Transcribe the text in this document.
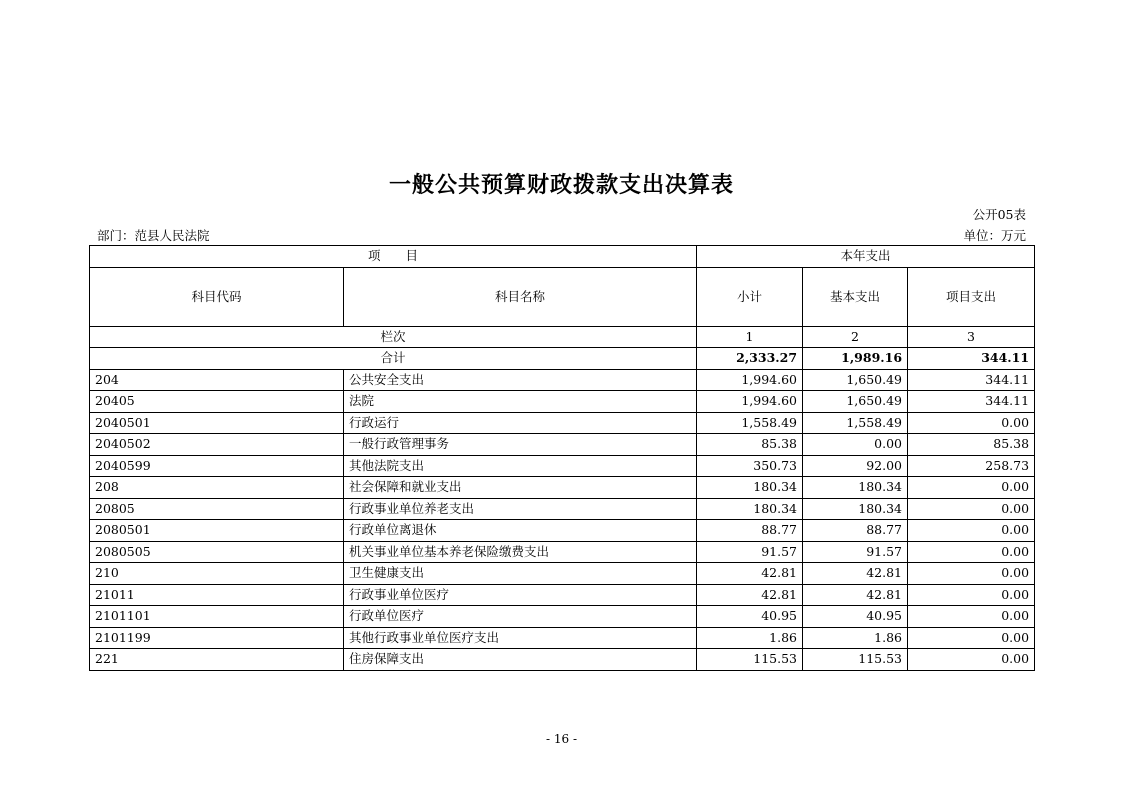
一般公共预算财政拨款支出决算表
公开05表
部门：范县人民法院	单位：万元
项　　目		本年支出		
科目代码	科目名称	小计	基本支出	项目支出
栏次		1	2	3
合计		2,333.27	1,989.16	344.11
204	公共安全支出	1,994.60	1,650.49	344.11
20405	法院	1,994.60	1,650.49	344.11
2040501	行政运行	1,558.49	1,558.49	0.00
2040502	一般行政管理事务	85.38	0.00	85.38
2040599	其他法院支出	350.73	92.00	258.73
208	社会保障和就业支出	180.34	180.34	0.00
20805	行政事业单位养老支出	180.34	180.34	0.00
2080501	行政单位离退休	88.77	88.77	0.00
2080505	机关事业单位基本养老保险缴费支出	91.57	91.57	0.00
210	卫生健康支出	42.81	42.81	0.00
21011	行政事业单位医疗	42.81	42.81	0.00
2101101	行政单位医疗	40.95	40.95	0.00
2101199	其他行政事业单位医疗支出	1.86	1.86	0.00
221	住房保障支出	115.53	115.53	0.00
- 16 -
